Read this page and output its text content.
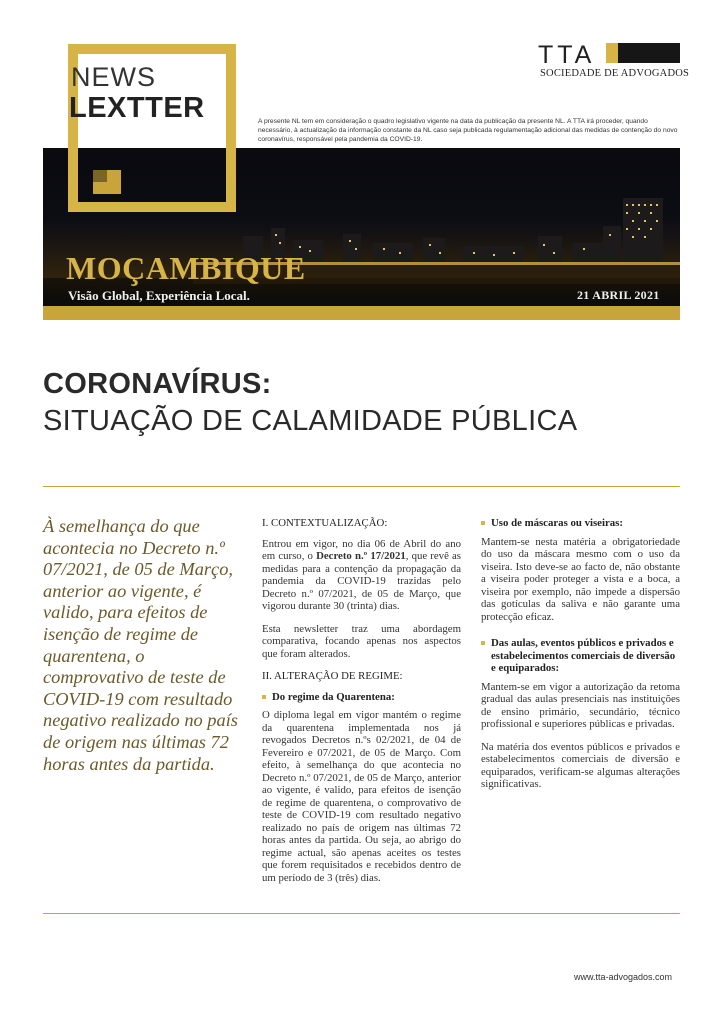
NEWS
LEXTTER
TTA
SOCIEDADE DE ADVOGADOS
A presente NL tem em consideração o quadro legislativo vigente na data da publicação da presente NL. A TTA irá proceder, quando necessário, à actualização da informação constante da NL caso seja publicada regulamentação adicional das medidas de contenção do novo coronavírus, responsável pela pandemia da COVID-19.
MOÇAMBIQUE
Visão Global, Experiência Local.	21 ABRIL 2021
CORONAVÍRUS:
SITUAÇÃO DE CALAMIDADE PÚBLICA
À semelhança do que acontecia no Decreto n.º 07/2021, de 05 de Março, anterior ao vigente, é valido, para efeitos de isenção de regime de quarentena, o comprovativo de teste de COVID-19 com resultado negativo realizado no país de origem nas últimas 72 horas antes da partida.
I. CONTEXTUALIZAÇÃO:

Entrou em vigor, no dia 06 de Abril do ano em curso, o Decreto n.º 17/2021, que revê as medidas para a contenção da propagação da pandemia da COVID-19 trazidas pelo Decreto n.º 07/2021, de 05 de Março, que vigorou durante 30 (trinta) dias.

Esta newsletter traz uma abordagem comparativa, focando apenas nos aspectos que foram alterados.

II. ALTERAÇÃO DE REGIME:
Do regime da Quarentena:

O diploma legal em vigor mantém o regime da quarentena implementada nos já revogados Decretos n.ºs 02/2021, de 04 de Fevereiro e 07/2021, de 05 de Março. Com efeito, à semelhança do que acontecia no Decreto n.º 07/2021, de 05 de Março, anterior ao vigente, é valido, para efeitos de isenção de regime de quarentena, o comprovativo de teste de COVID-19 com resultado negativo realizado no país de origem nas últimas 72 horas antes da partida. Ou seja, ao abrigo do regime actual, são apenas aceites os testes que forem requisitados e recebidos dentro de um período de 3 (três) dias.

Uso de máscaras ou viseiras:

Mantem-se nesta matéria a obrigatoriedade do uso da máscara mesmo com o uso da viseira. Isto deve-se ao facto de, não obstante a viseira poder proteger a vista e a boca, a viseira por exemplo, não impede a dispersão das gotículas da saliva e não garante uma protecção eficaz.

Das aulas, eventos públicos e privados e estabelecimentos comerciais de diversão e equiparados:

Mantem-se em vigor a autorização da retoma gradual das aulas presenciais nas instituições de ensino primário, secundário, técnico profissional e superiores públicas e privadas.

Na matéria dos eventos públicos e privados e estabelecimentos comerciais de diversão e equiparados, verificam-se algumas alterações significativas.

www.tta-advogados.com
